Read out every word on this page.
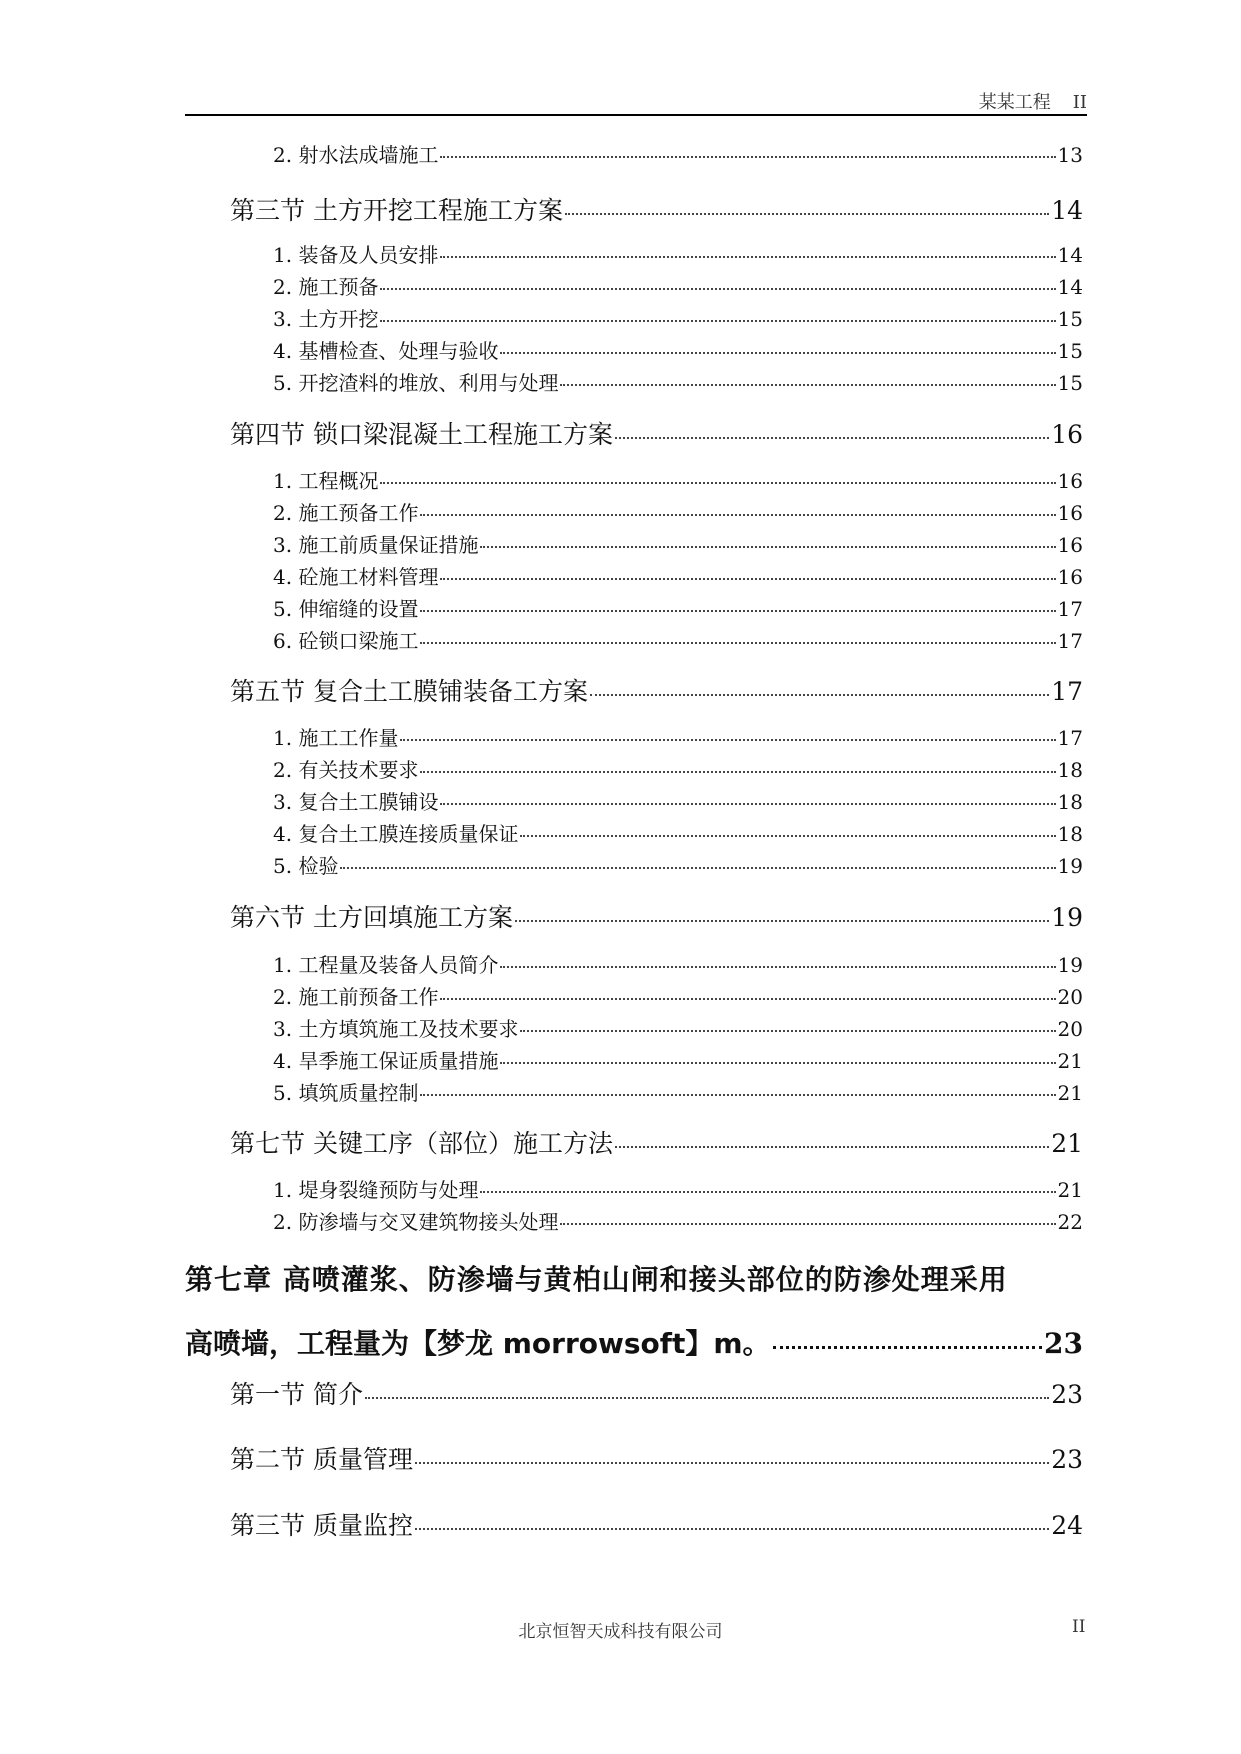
某某工程 II
2. 射水法成墙施工	13
第三节 土方开挖工程施工方案	14
1. 装备及人员安排	14
2. 施工预备	14
3. 土方开挖	15
4. 基槽检查、处理与验收	15
5. 开挖渣料的堆放、利用与处理	15
第四节 锁口梁混凝土工程施工方案	16
1. 工程概况	16
2. 施工预备工作	16
3. 施工前质量保证措施	16
4. 砼施工材料管理	16
5. 伸缩缝的设置	17
6. 砼锁口梁施工	17
第五节 复合土工膜铺装备工方案	17
1. 施工工作量	17
2. 有关技术要求	18
3. 复合土工膜铺设	18
4. 复合土工膜连接质量保证	18
5. 检验	19
第六节 土方回填施工方案	19
1. 工程量及装备人员简介	19
2. 施工前预备工作	20
3. 土方填筑施工及技术要求	20
4. 旱季施工保证质量措施	21
5. 填筑质量控制	21
第七节 关键工序（部位）施工方法	21
1. 堤身裂缝预防与处理	21
2. 防渗墙与交叉建筑物接头处理	22
第七章 高喷灌浆、防渗墙与黄柏山闸和接头部位的防渗处理采用
高喷墙，工程量为【梦龙 morrowsoft】m。	23
第一节 简介	23
第二节 质量管理	23
第三节 质量监控	24
北京恒智天成科技有限公司	II
